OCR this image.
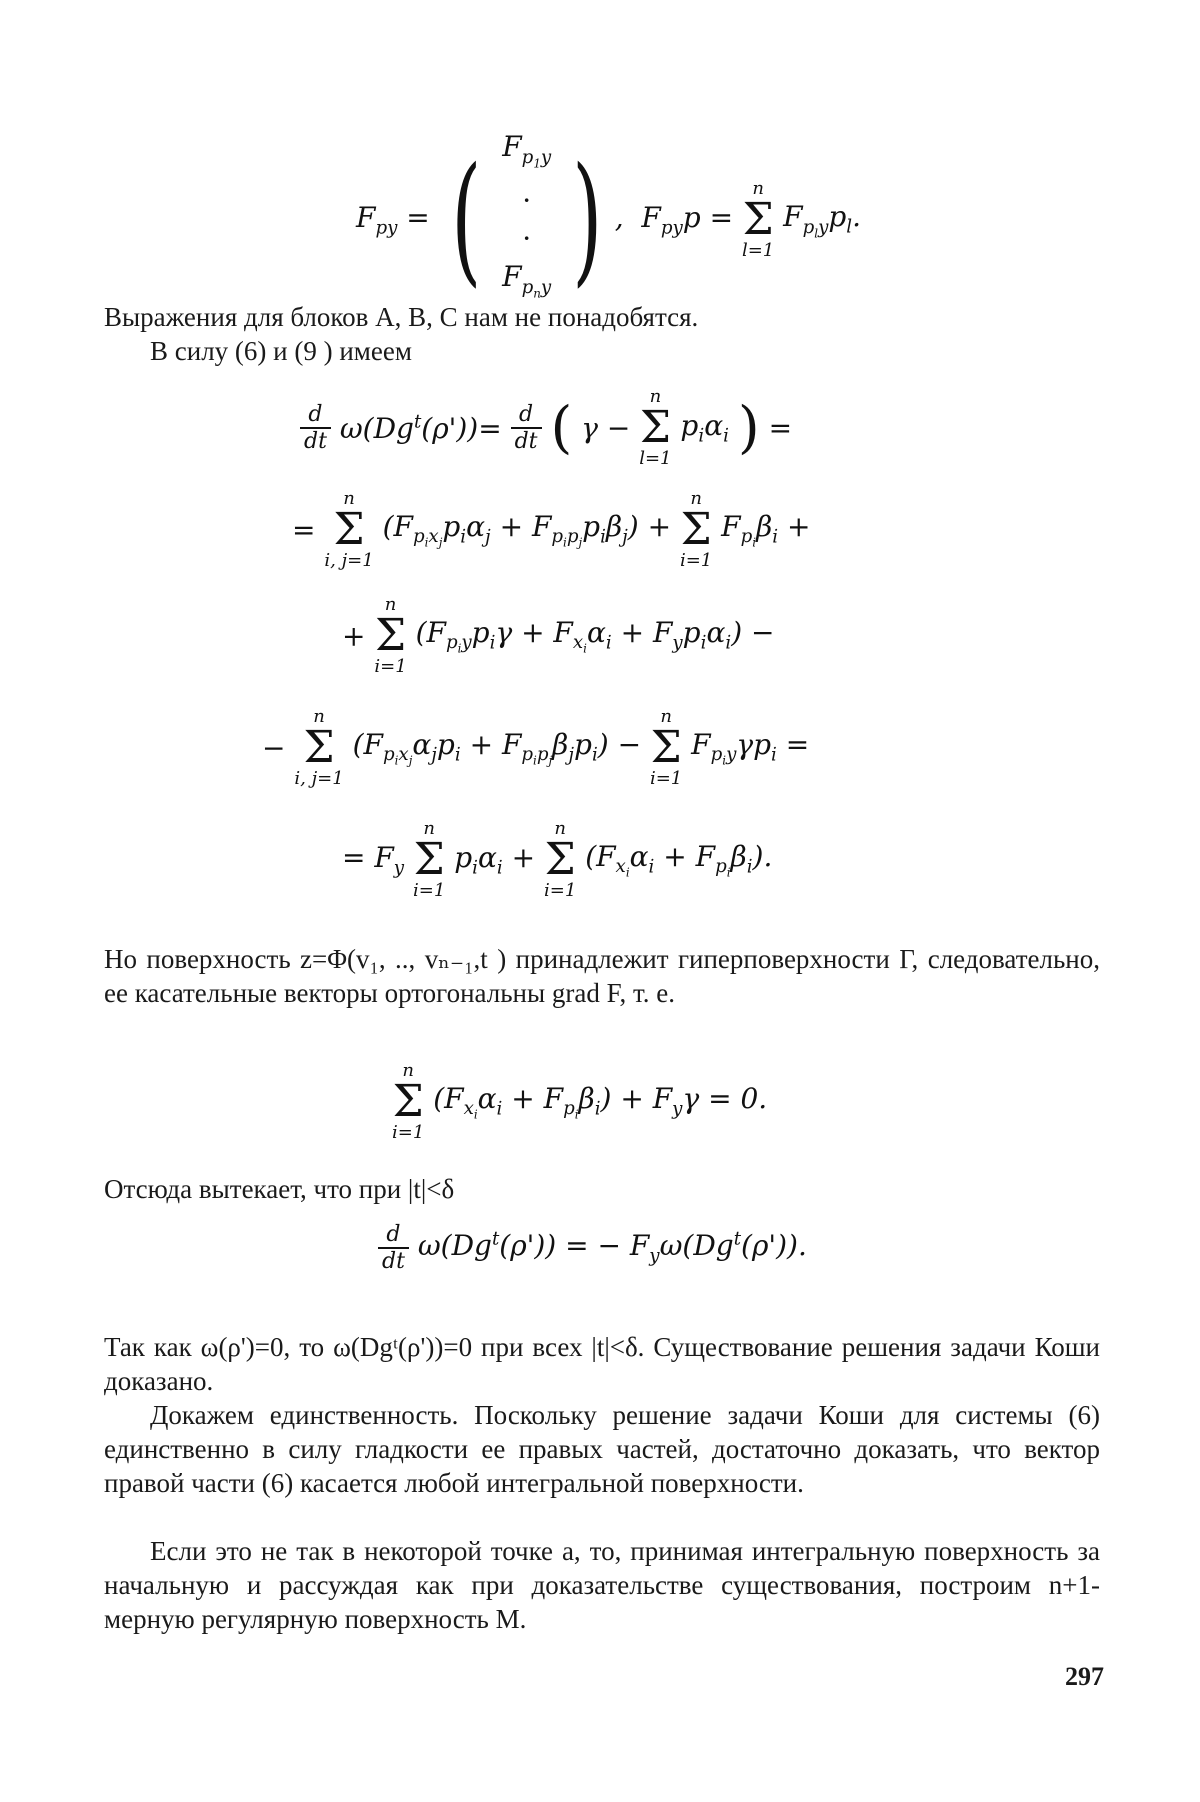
$F_{py}$ = ( $F_{p_1y}$
·
·
$F_{p_ny}$ ) ,  $F_{py}p$ =
n
Σ
l=1
$F_{p_ly}p_l$.

Выражения для блоков A, B, C нам не понадобятся.

В силу (6) и (9 ) имеем

$\frac{d}{dt} \omega(Dg^t(\rho'))= \frac{d}{dt}$ ( γ −
n
Σ
l=1
$p_i\alpha_i$ ) =
=
n
Σ
i, j=1
$(F_{p_ix_j}p_i\alpha_j + F_{p_ip_j}p_i\beta_j)$ +
n
Σ
i=1
$F_{p_i}\beta_i$ +
+
n
Σ
i=1
$(F_{p_iy}p_i\gamma + F_{x_i}\alpha_i + F_yp_i\alpha_i)$ −
−
n
Σ
i, j=1
$(F_{p_ix_j}\alpha_jp_i + F_{p_ip_j}\beta_jp_i)$ −
n
Σ
i=1
$F_{p_iy}\gamma p_i$ =
= $F_y$
n
Σ
i=1
$p_i\alpha_i$ +
n
Σ
i=1
$(F_{x_i}\alpha_i + F_{p_i}\beta_i)$.

Но поверхность z=Φ(v₁, .., vₙ₋₁,t ) принадлежит гиперповерхности Γ, следовательно, ее касательные векторы ортогональны grad F, т. е.

n
Σ
i=1
$(F_{x_i}\alpha_i + F_{p_i}\beta_i) + F_y\gamma = 0$.

Отсюда вытекает, что при |t|<δ

$\frac{d}{dt} \omega(Dg^t(\rho'))$ = − $F_y\omega(Dg^t(\rho'))$.

Так как ω(ρ')=0, то ω(Dgᵗ(ρ'))=0 при всех |t|<δ. Существование решения задачи Коши доказано.

Докажем единственность. Поскольку решение задачи Коши для системы (6) единственно в силу гладкости ее правых частей, достаточно доказать, что вектор правой части (6) касается любой интегральной поверхности.

Если это не так в некоторой точке a, то, принимая интегральную поверхность за начальную и рассуждая как при доказательстве существования, построим n+1-мерную регулярную поверхность M.

297
